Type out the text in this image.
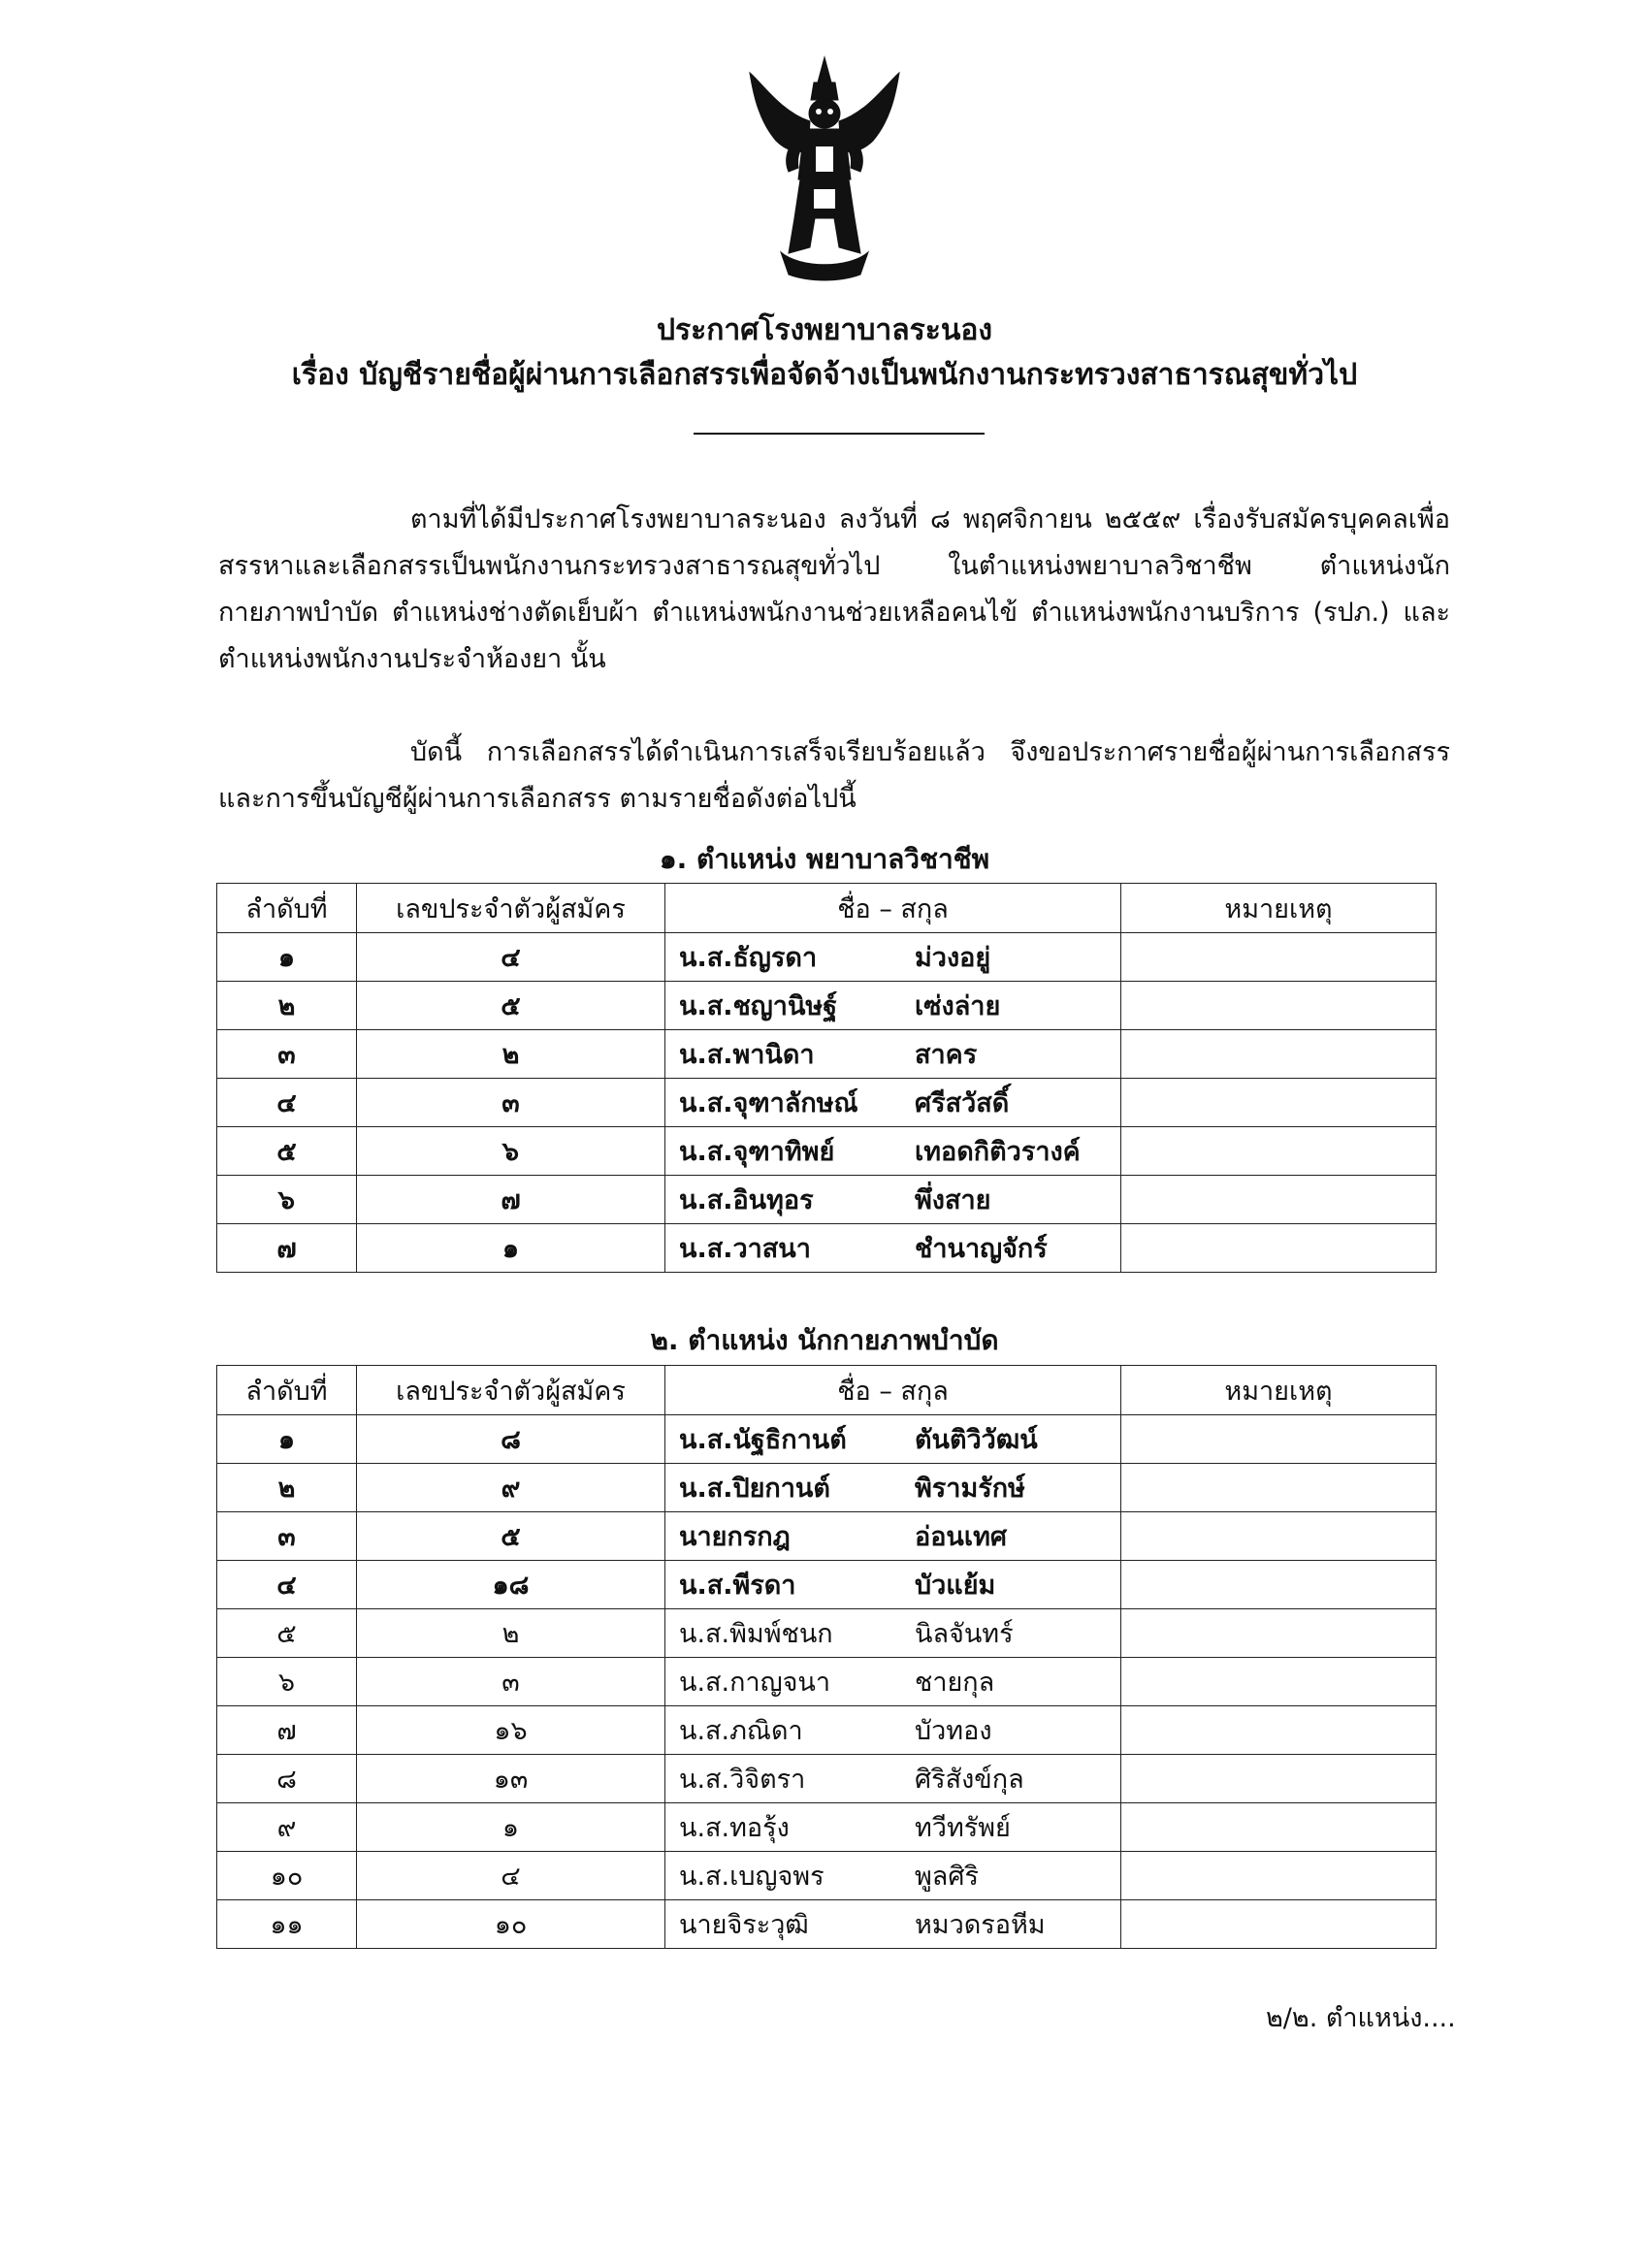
ประกาศโรงพยาบาลระนอง
เรื่อง บัญชีรายชื่อผู้ผ่านการเลือกสรรเพื่อจัดจ้างเป็นพนักงานกระทรวงสาธารณสุขทั่วไป
ตามที่ได้มีประกาศโรงพยาบาลระนอง ลงวันที่ ๘ พฤศจิกายน ๒๕๕๙ เรื่องรับสมัครบุคคลเพื่อสรรหาและเลือกสรรเป็นพนักงานกระทรวงสาธารณสุขทั่วไป ในตำแหน่งพยาบาลวิชาชีพ ตำแหน่งนักกายภาพบำบัด ตำแหน่งช่างตัดเย็บผ้า ตำแหน่งพนักงานช่วยเหลือคนไข้ ตำแหน่งพนักงานบริการ (รปภ.) และตำแหน่งพนักงานประจำห้องยา นั้น
บัดนี้ การเลือกสรรได้ดำเนินการเสร็จเรียบร้อยแล้ว จึงขอประกาศรายชื่อผู้ผ่านการเลือกสรรและการขึ้นบัญชีผู้ผ่านการเลือกสรร ตามรายชื่อดังต่อไปนี้
๑. ตำแหน่ง พยาบาลวิชาชีพ
ลำดับที่	เลขประจำตัวผู้สมัคร	ชื่อ – สกุล	หมายเหตุ
๑	๔	น.ส.ธัญรดา ม่วงอยู่	
๒	๕	น.ส.ชญานิษฐ์ เซ่งล่าย	
๓	๒	น.ส.พานิดา สาคร	
๔	๓	น.ส.จุฑาลักษณ์ ศรีสวัสดิ์	
๕	๖	น.ส.จุฑาทิพย์ เทอดกิติวรางค์	
๖	๗	น.ส.อินทุอร พึ่งสาย	
๗	๑	น.ส.วาสนา ชำนาญจักร์	
๒. ตำแหน่ง นักกายภาพบำบัด
ลำดับที่	เลขประจำตัวผู้สมัคร	ชื่อ – สกุล	หมายเหตุ
๑	๘	น.ส.นัฐธิกานต์ ตันติวิวัฒน์	
๒	๙	น.ส.ปิยกานต์ พิรามรักษ์	
๓	๕	นายกรกฎ อ่อนเทศ	
๔	๑๘	น.ส.พีรดา บัวแย้ม	
๕	๒	น.ส.พิมพ์ชนก นิลจันทร์	
๖	๓	น.ส.กาญจนา ชายกุล	
๗	๑๖	น.ส.ภณิดา บัวทอง	
๘	๑๓	น.ส.วิจิตรา ศิริสังข์กุล	
๙	๑	น.ส.ทอรุ้ง ทวีทรัพย์	
๑๐	๔	น.ส.เบญจพร พูลศิริ	
๑๑	๑๐	นายจิระวุฒิ หมวดรอหีม	
๒/๒. ตำแหน่ง....
